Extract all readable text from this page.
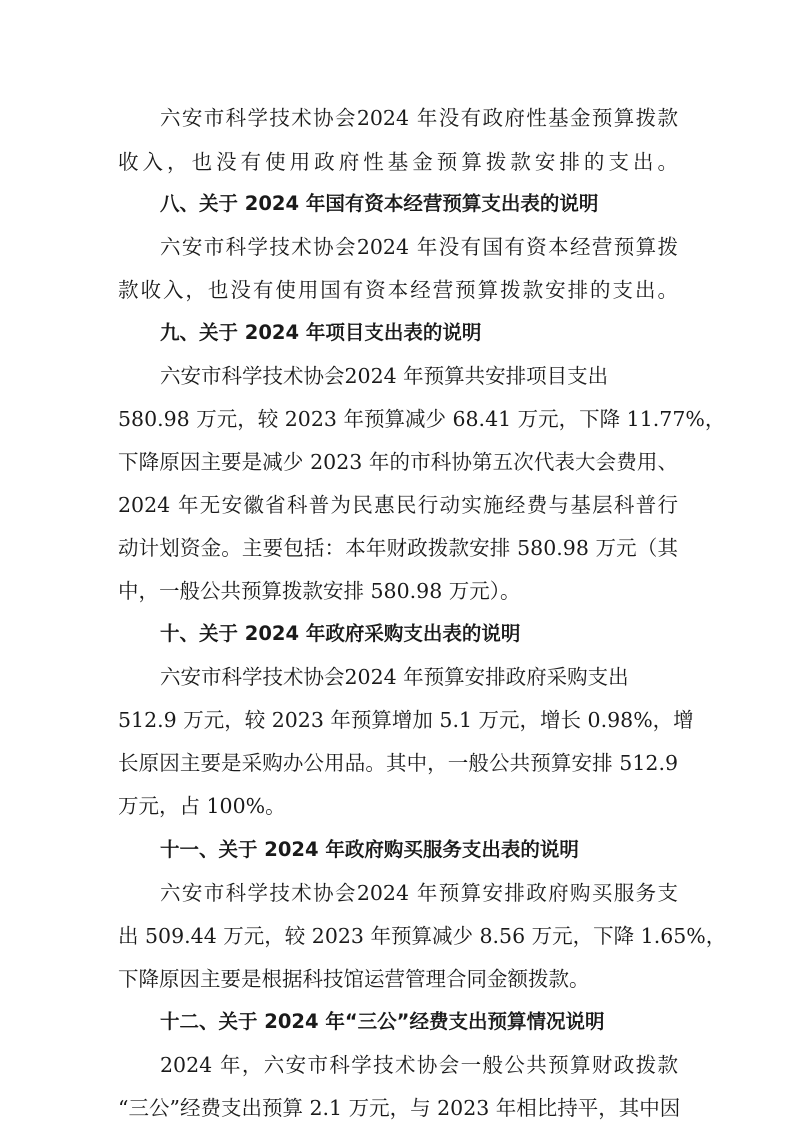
六安市科学技术协会2024 年没有政府性基金预算拨款
收入，也没有使用政府性基金预算拨款安排的支出。
八、关于 2024 年国有资本经营预算支出表的说明
六安市科学技术协会2024 年没有国有资本经营预算拨
款收入，也没有使用国有资本经营预算拨款安排的支出。
九、关于 2024 年项目支出表的说明
六安市科学技术协会2024 年预算共安排项目支出
580.98 万元，较 2023 年预算减少 68.41 万元，下降 11.77%，
下降原因主要是减少 2023 年的市科协第五次代表大会费用、
2024 年无安徽省科普为民惠民行动实施经费与基层科普行
动计划资金。主要包括：本年财政拨款安排 580.98 万元（其
中，一般公共预算拨款安排 580.98 万元）。
十、关于 2024 年政府采购支出表的说明
六安市科学技术协会2024 年预算安排政府采购支出
512.9 万元，较 2023 年预算增加 5.1 万元，增长 0.98%，增
长原因主要是采购办公用品。其中，一般公共预算安排 512.9
万元，占 100%。
十一、关于 2024 年政府购买服务支出表的说明
六安市科学技术协会2024 年预算安排政府购买服务支
出 509.44 万元，较 2023 年预算减少 8.56 万元，下降 1.65%，
下降原因主要是根据科技馆运营管理合同金额拨款。
十二、关于 2024 年“三公”经费支出预算情况说明
2024 年，六安市科学技术协会一般公共预算财政拨款
“三公”经费支出预算 2.1 万元，与 2023 年相比持平，其中因
